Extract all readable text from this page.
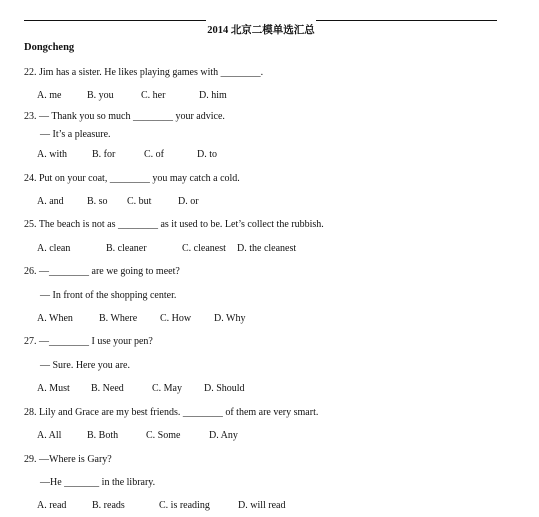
2014 北京二模单选汇总
Dongcheng
22. Jim has a sister. He likes playing games with ________.
A. me	B. you	C. her	D. him
23. — Thank you so much ________ your advice.
— It’s a pleasure.
A. with	B. for	C. of	D. to
24. Put on your coat, ________ you may catch a cold.
A. and B. so C. but	D. or
25. The beach is not as ________ as it used to be. Let’s collect the rubbish.
A. clean	B. cleaner	C. cleanest D. the cleanest
26. —________ are we going to meet?
— In front of the shopping center.
A. When	B. Where C. How D. Why
27. —________ I use your pen?
— Sure. Here you are.
A. Must B. Need	C. May D. Should
28. Lily and Grace are my best friends. ________ of them are very smart.
A. All	B. Both	C. Some	D. Any
29. —Where is Gary?
—He _______ in the library.
A. read	B. reads	C. is reading	D. will read
